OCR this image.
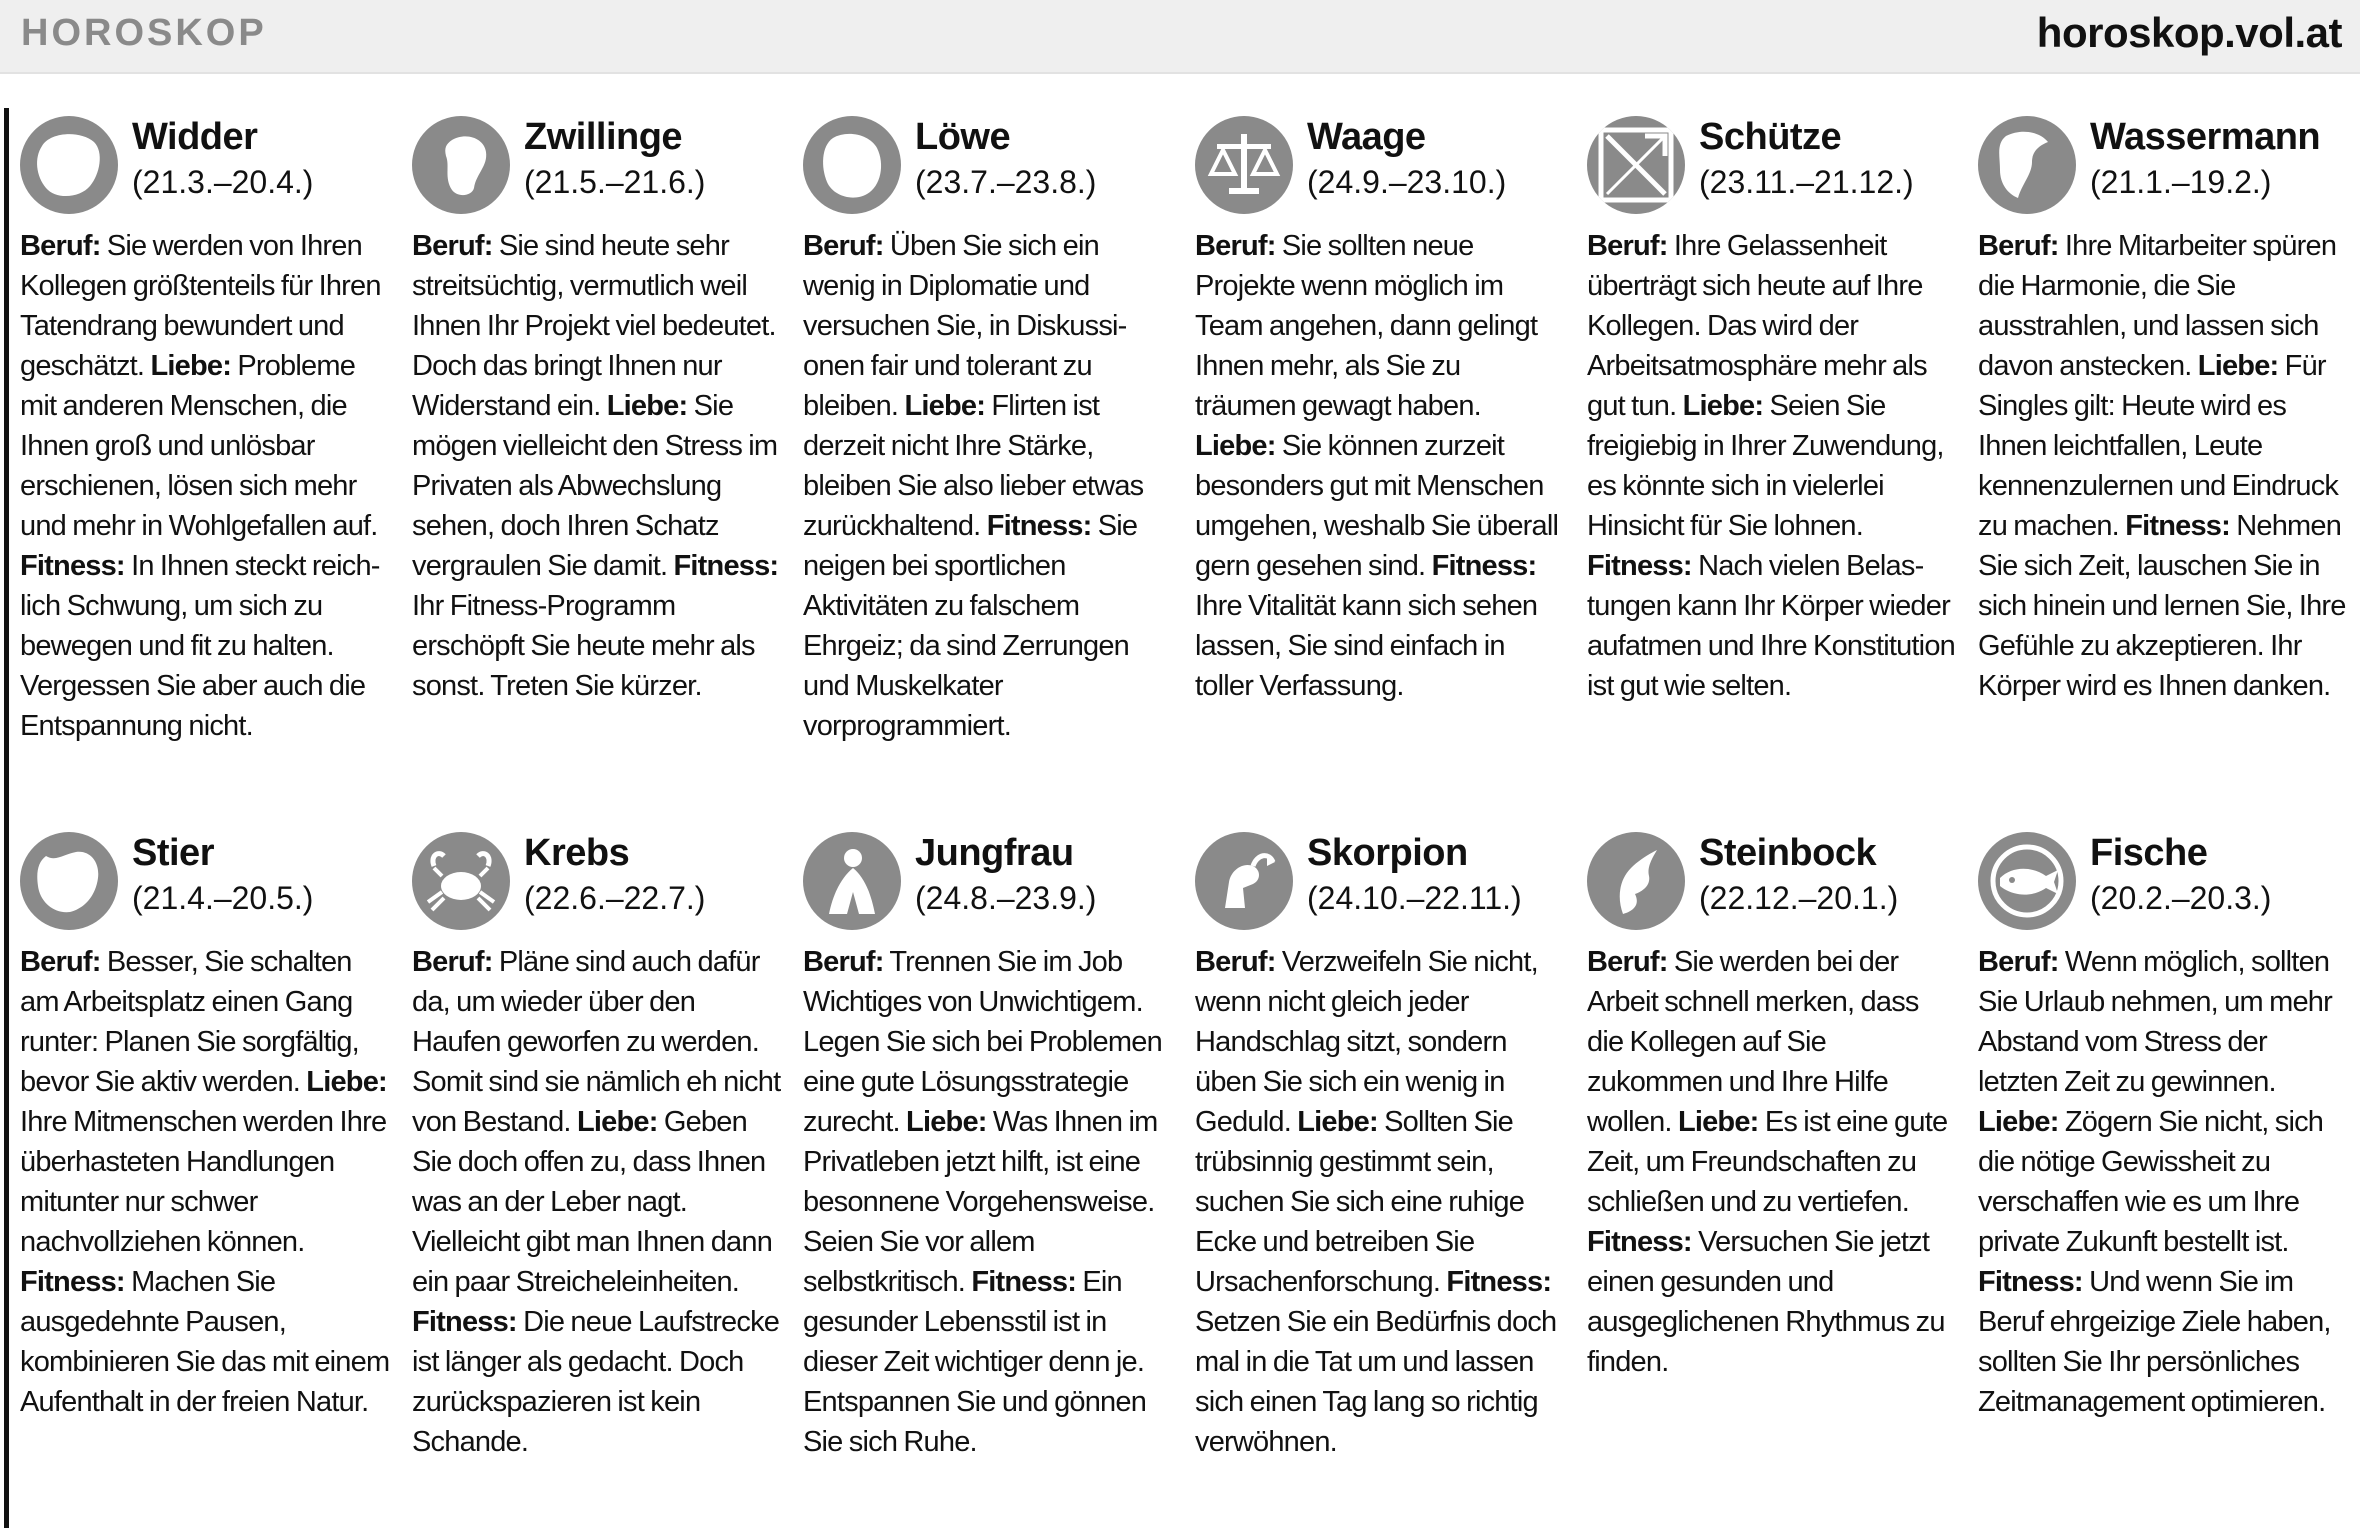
HOROSKOP	horoskop.vol.at
Widder
(21.3.–20.4.)
Beruf: Sie werden von Ihren Kollegen größtenteils für Ihren Tatendrang bewundert und geschätzt. Liebe: Probleme mit anderen Menschen, die Ihnen groß und unlösbar erschienen, lösen sich mehr und mehr in Wohlgefallen auf. Fitness: In Ihnen steckt reichlich Schwung, um sich zu bewegen und fit zu halten. Vergessen Sie aber auch die Entspannung nicht.
Zwillinge
(21.5.–21.6.)
Beruf: Sie sind heute sehr streitsüchtig, vermutlich weil Ihnen Ihr Projekt viel bedeutet. Doch das bringt Ihnen nur Widerstand ein. Liebe: Sie mögen vielleicht den Stress im Privaten als Abwechslung sehen, doch Ihren Schatz vergraulen Sie damit. Fitness: Ihr Fitness-Programm erschöpft Sie heute mehr als sonst. Treten Sie kürzer.
Löwe
(23.7.–23.8.)
Beruf: Üben Sie sich ein wenig in Diplomatie und versuchen Sie, in Diskussionen fair und tolerant zu bleiben. Liebe: Flirten ist derzeit nicht Ihre Stärke, bleiben Sie also lieber etwas zurückhaltend. Fitness: Sie neigen bei sportlichen Aktivitäten zu falschem Ehrgeiz; da sind Zerrungen und Muskelkater vorprogrammiert.
Waage
(24.9.–23.10.)
Beruf: Sie sollten neue Projekte wenn möglich im Team angehen, dann gelingt Ihnen mehr, als Sie zu träumen gewagt haben. Liebe: Sie können zurzeit besonders gut mit Menschen umgehen, weshalb Sie überall gern gesehen sind. Fitness: Ihre Vitalität kann sich sehen lassen, Sie sind einfach in toller Verfassung.
Schütze
(23.11.–21.12.)
Beruf: Ihre Gelassenheit überträgt sich heute auf Ihre Kollegen. Das wird der Arbeitsatmosphäre mehr als gut tun. Liebe: Seien Sie freigiebig in Ihrer Zuwendung, es könnte sich in vielerlei Hinsicht für Sie lohnen. Fitness: Nach vielen Belastungen kann Ihr Körper wieder aufatmen und Ihre Konstitution ist gut wie selten.
Wassermann
(21.1.–19.2.)
Beruf: Ihre Mitarbeiter spüren die Harmonie, die Sie ausstrahlen, und lassen sich davon anstecken. Liebe: Für Singles gilt: Heute wird es Ihnen leichtfallen, Leute kennenzulernen und Eindruck zu machen. Fitness: Nehmen Sie sich Zeit, lauschen Sie in sich hinein und lernen Sie, Ihre Gefühle zu akzeptieren. Ihr Körper wird es Ihnen danken.
Stier
(21.4.–20.5.)
Beruf: Besser, Sie schalten am Arbeitsplatz einen Gang runter: Planen Sie sorgfältig, bevor Sie aktiv werden. Liebe: Ihre Mitmenschen werden Ihre überhasteten Handlungen mitunter nur schwer nachvollziehen können. Fitness: Machen Sie ausgedehnte Pausen, kombinieren Sie das mit einem Aufenthalt in der freien Natur.
Krebs
(22.6.–22.7.)
Beruf: Pläne sind auch dafür da, um wieder über den Haufen geworfen zu werden. Somit sind sie nämlich eh nicht von Bestand. Liebe: Geben Sie doch offen zu, dass Ihnen was an der Leber nagt. Vielleicht gibt man Ihnen dann ein paar Streicheleinheiten. Fitness: Die neue Laufstrecke ist länger als gedacht. Doch zurückspazieren ist kein Schande.
Jungfrau
(24.8.–23.9.)
Beruf: Trennen Sie im Job Wichtiges von Unwichtigem. Legen Sie sich bei Problemen eine gute Lösungsstrategie zurecht. Liebe: Was Ihnen im Privatleben jetzt hilft, ist eine besonnene Vorgehensweise. Seien Sie vor allem selbstkritisch. Fitness: Ein gesunder Lebensstil ist in dieser Zeit wichtiger denn je. Entspannen Sie und gönnen Sie sich Ruhe.
Skorpion
(24.10.–22.11.)
Beruf: Verzweifeln Sie nicht, wenn nicht gleich jeder Handschlag sitzt, sondern üben Sie sich ein wenig in Geduld. Liebe: Sollten Sie trübsinnig gestimmt sein, suchen Sie sich eine ruhige Ecke und betreiben Sie Ursachenforschung. Fitness: Setzen Sie ein Bedürfnis doch mal in die Tat um und lassen sich einen Tag lang so richtig verwöhnen.
Steinbock
(22.12.–20.1.)
Beruf: Sie werden bei der Arbeit schnell merken, dass die Kollegen auf Sie zukommen und Ihre Hilfe wollen. Liebe: Es ist eine gute Zeit, um Freundschaften zu schließen und zu vertiefen. Fitness: Versuchen Sie jetzt einen gesunden und ausgeglichenen Rhythmus zu finden.
Fische
(20.2.–20.3.)
Beruf: Wenn möglich, sollten Sie Urlaub nehmen, um mehr Abstand vom Stress der letzten Zeit zu gewinnen. Liebe: Zögern Sie nicht, sich die nötige Gewissheit zu verschaffen wie es um Ihre private Zukunft bestellt ist. Fitness: Und wenn Sie im Beruf ehrgeizige Ziele haben, sollten Sie Ihr persönliches Zeitmanagement optimieren.
